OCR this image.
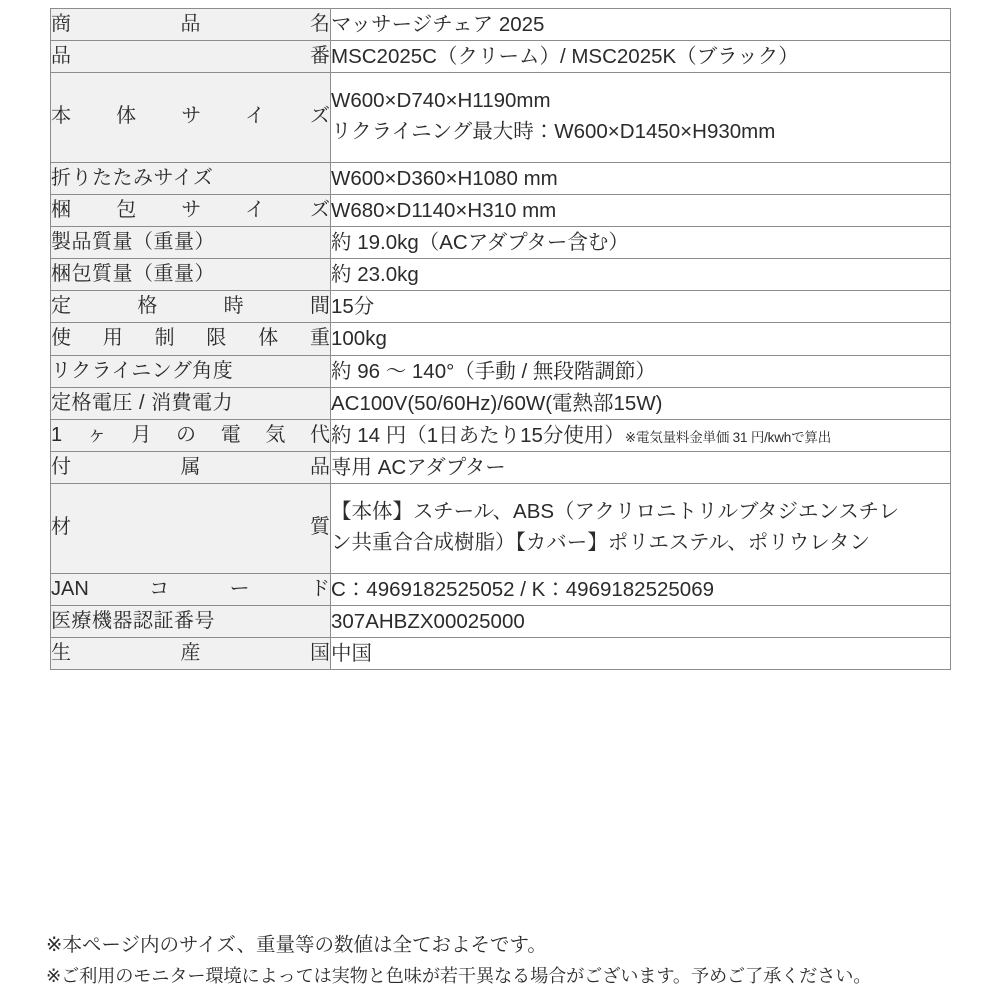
商品名	マッサージチェア 2025

品番	MSC2025C（クリーム）/ MSC2025K（ブラック）

本体サイズ	W600×D740×H1190mm
リクライニング最大時：W600×D1450×H930mm

折りたたみサイズ	W600×D360×H1080 mm

梱包サイズ	W680×D1140×H310 mm

製品質量（重量）	約 19.0kg（ACアダプター含む）

梱包質量（重量）	約 23.0kg

定格時間	15分

使用制限体重	100kg

リクライニング角度	約 96 〜 140°（手動 / 無段階調節）

定格電圧 / 消費電力	AC100V(50/60Hz)/60W(電熱部15W)

1ヶ月の電気代	約 14 円（1日あたり15分使用）※電気量料金単価 31 円/kwhで算出
付属品	専用 ACアダプター

材質	【本体】スチール、ABS（アクリロニトリルブタジエンスチレ
ン共重合合成樹脂）【カバー】ポリエステル、ポリウレタン

JANコード	C：4969182525052 / K：4969182525069

医療機器認証番号	307AHBZX00025000

生産国	中国
※本ページ内のサイズ、重量等の数値は全ておよそです。
※ご利用のモニター環境によっては実物と色味が若干異なる場合がございます。予めご了承ください。
